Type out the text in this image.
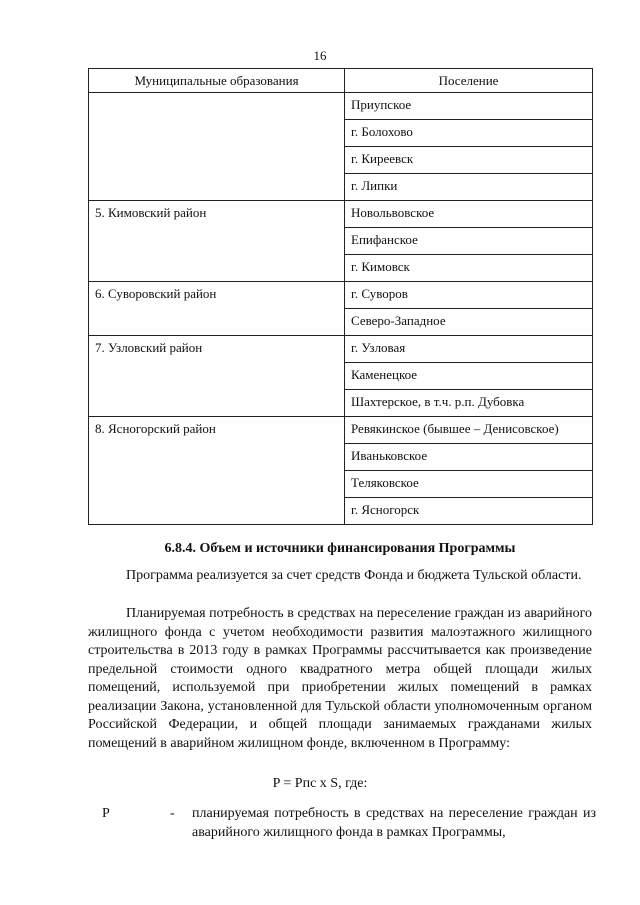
16
Муниципальные образования	Поселение
	Приупское
	г. Болохово
	г. Киреевск
	г. Липки
5. Кимовский район	Новольвовское
	Епифанское
	г. Кимовск
6. Суворовский район	г. Суворов
	Северо-Западное
7. Узловский район	г. Узловая
	Каменецкое
	Шахтерское, в т.ч. р.п. Дубовка
8. Ясногорский район	Ревякинское (бывшее – Денисовское)
	Иваньковское
	Теляковское
	г. Ясногорск
6.8.4. Объем и источники финансирования Программы

Программа реализуется за счет средств Фонда и бюджета Тульской области.

Планируемая потребность в средствах на переселение граждан из аварийного жилищного фонда с учетом необходимости развития малоэтажного жилищного строительства в 2013 году в рамках Программы рассчитывается как произведение предельной стоимости одного квадратного метра общей площади жилых помещений, используемой при приобретении жилых помещений в рамках реализации Закона, установленной для Тульской области уполномоченным органом Российской Федерации, и общей площади занимаемых гражданами жилых помещений в аварийном жилищном фонде, включенном в Программу:

P = Рпс x S, где:
P	- планируемая потребность в средствах на переселение граждан из аварийного жилищного фонда в рамках Программы,
